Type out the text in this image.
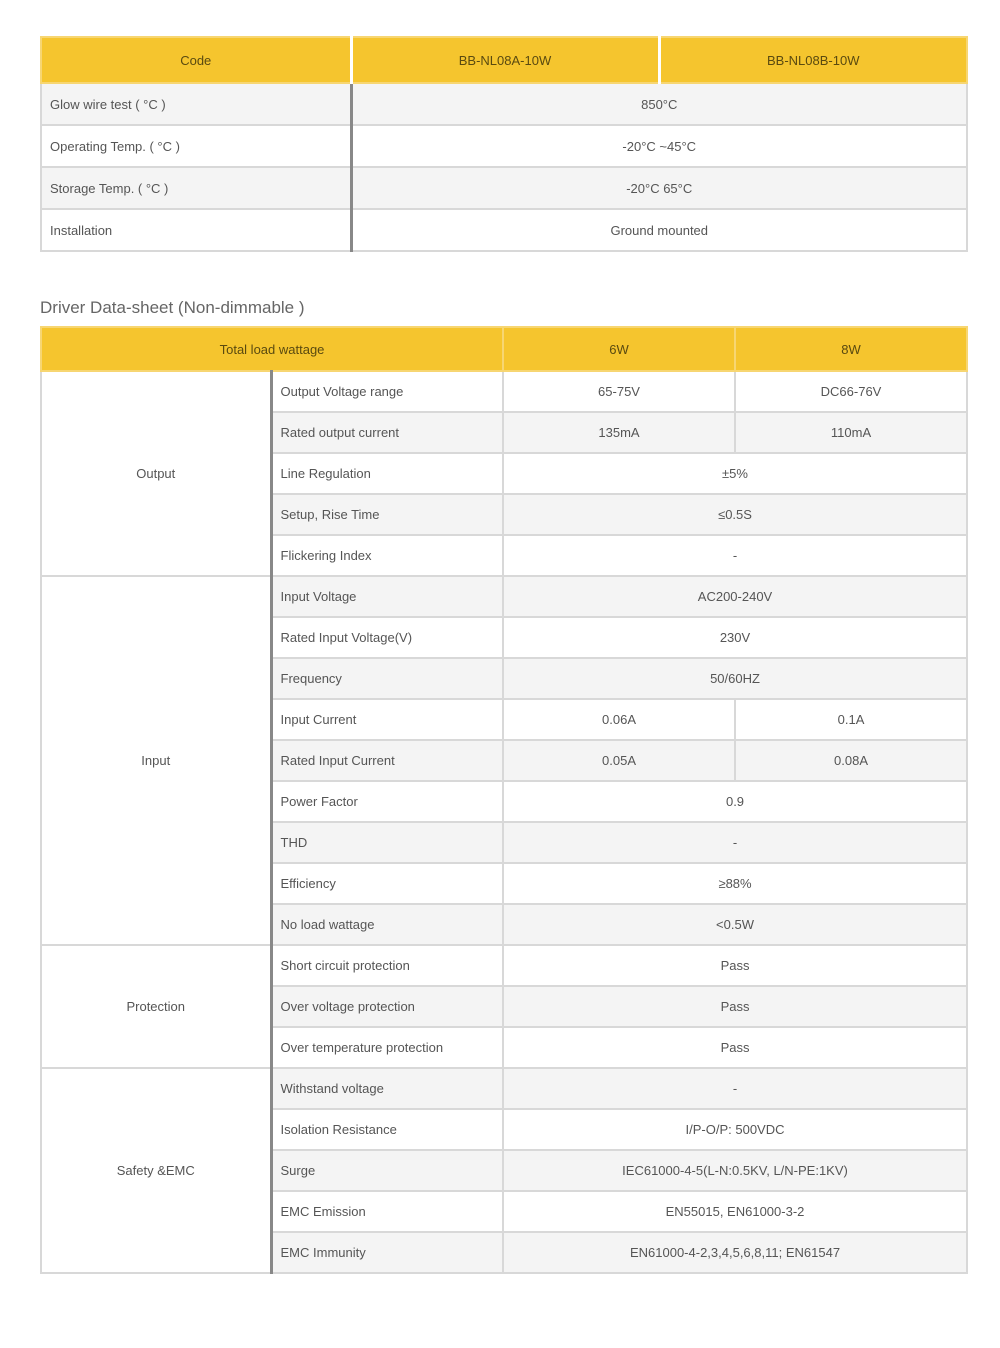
Code	BB-NL08A-10W	BB-NL08B-10W
Glow wire test ( °C )	850°C	
Operating Temp. ( °C )	-20°C ~45°C	
Storage Temp. ( °C )	-20°C 65°C	
Installation	Ground mounted	
Driver Data-sheet (Non-dimmable )
Total load wattage		6W	8W
Output	Output Voltage range	65-75V	DC66-76V
	Rated output current	135mA	110mA
	Line Regulation	±5%	
	Setup, Rise Time	≤0.5S	
	Flickering Index	-	
Input	Input Voltage	AC200-240V	
	Rated Input Voltage(V)	230V	
	Frequency	50/60HZ	
	Input Current	0.06A	0.1A
	Rated Input Current	0.05A	0.08A
	Power Factor	0.9	
	THD	-	
	Efficiency	≥88%	
	No load wattage	<0.5W	
Protection	Short circuit protection	Pass	
	Over voltage protection	Pass	
	Over temperature protection	Pass	
Safety &EMC	Withstand voltage	-	
	Isolation Resistance	I/P-O/P: 500VDC	
	Surge	IEC61000-4-5(L-N:0.5KV, L/N-PE:1KV)	
	EMC Emission	EN55015, EN61000-3-2	
	EMC Immunity	EN61000-4-2,3,4,5,6,8,11; EN61547	
